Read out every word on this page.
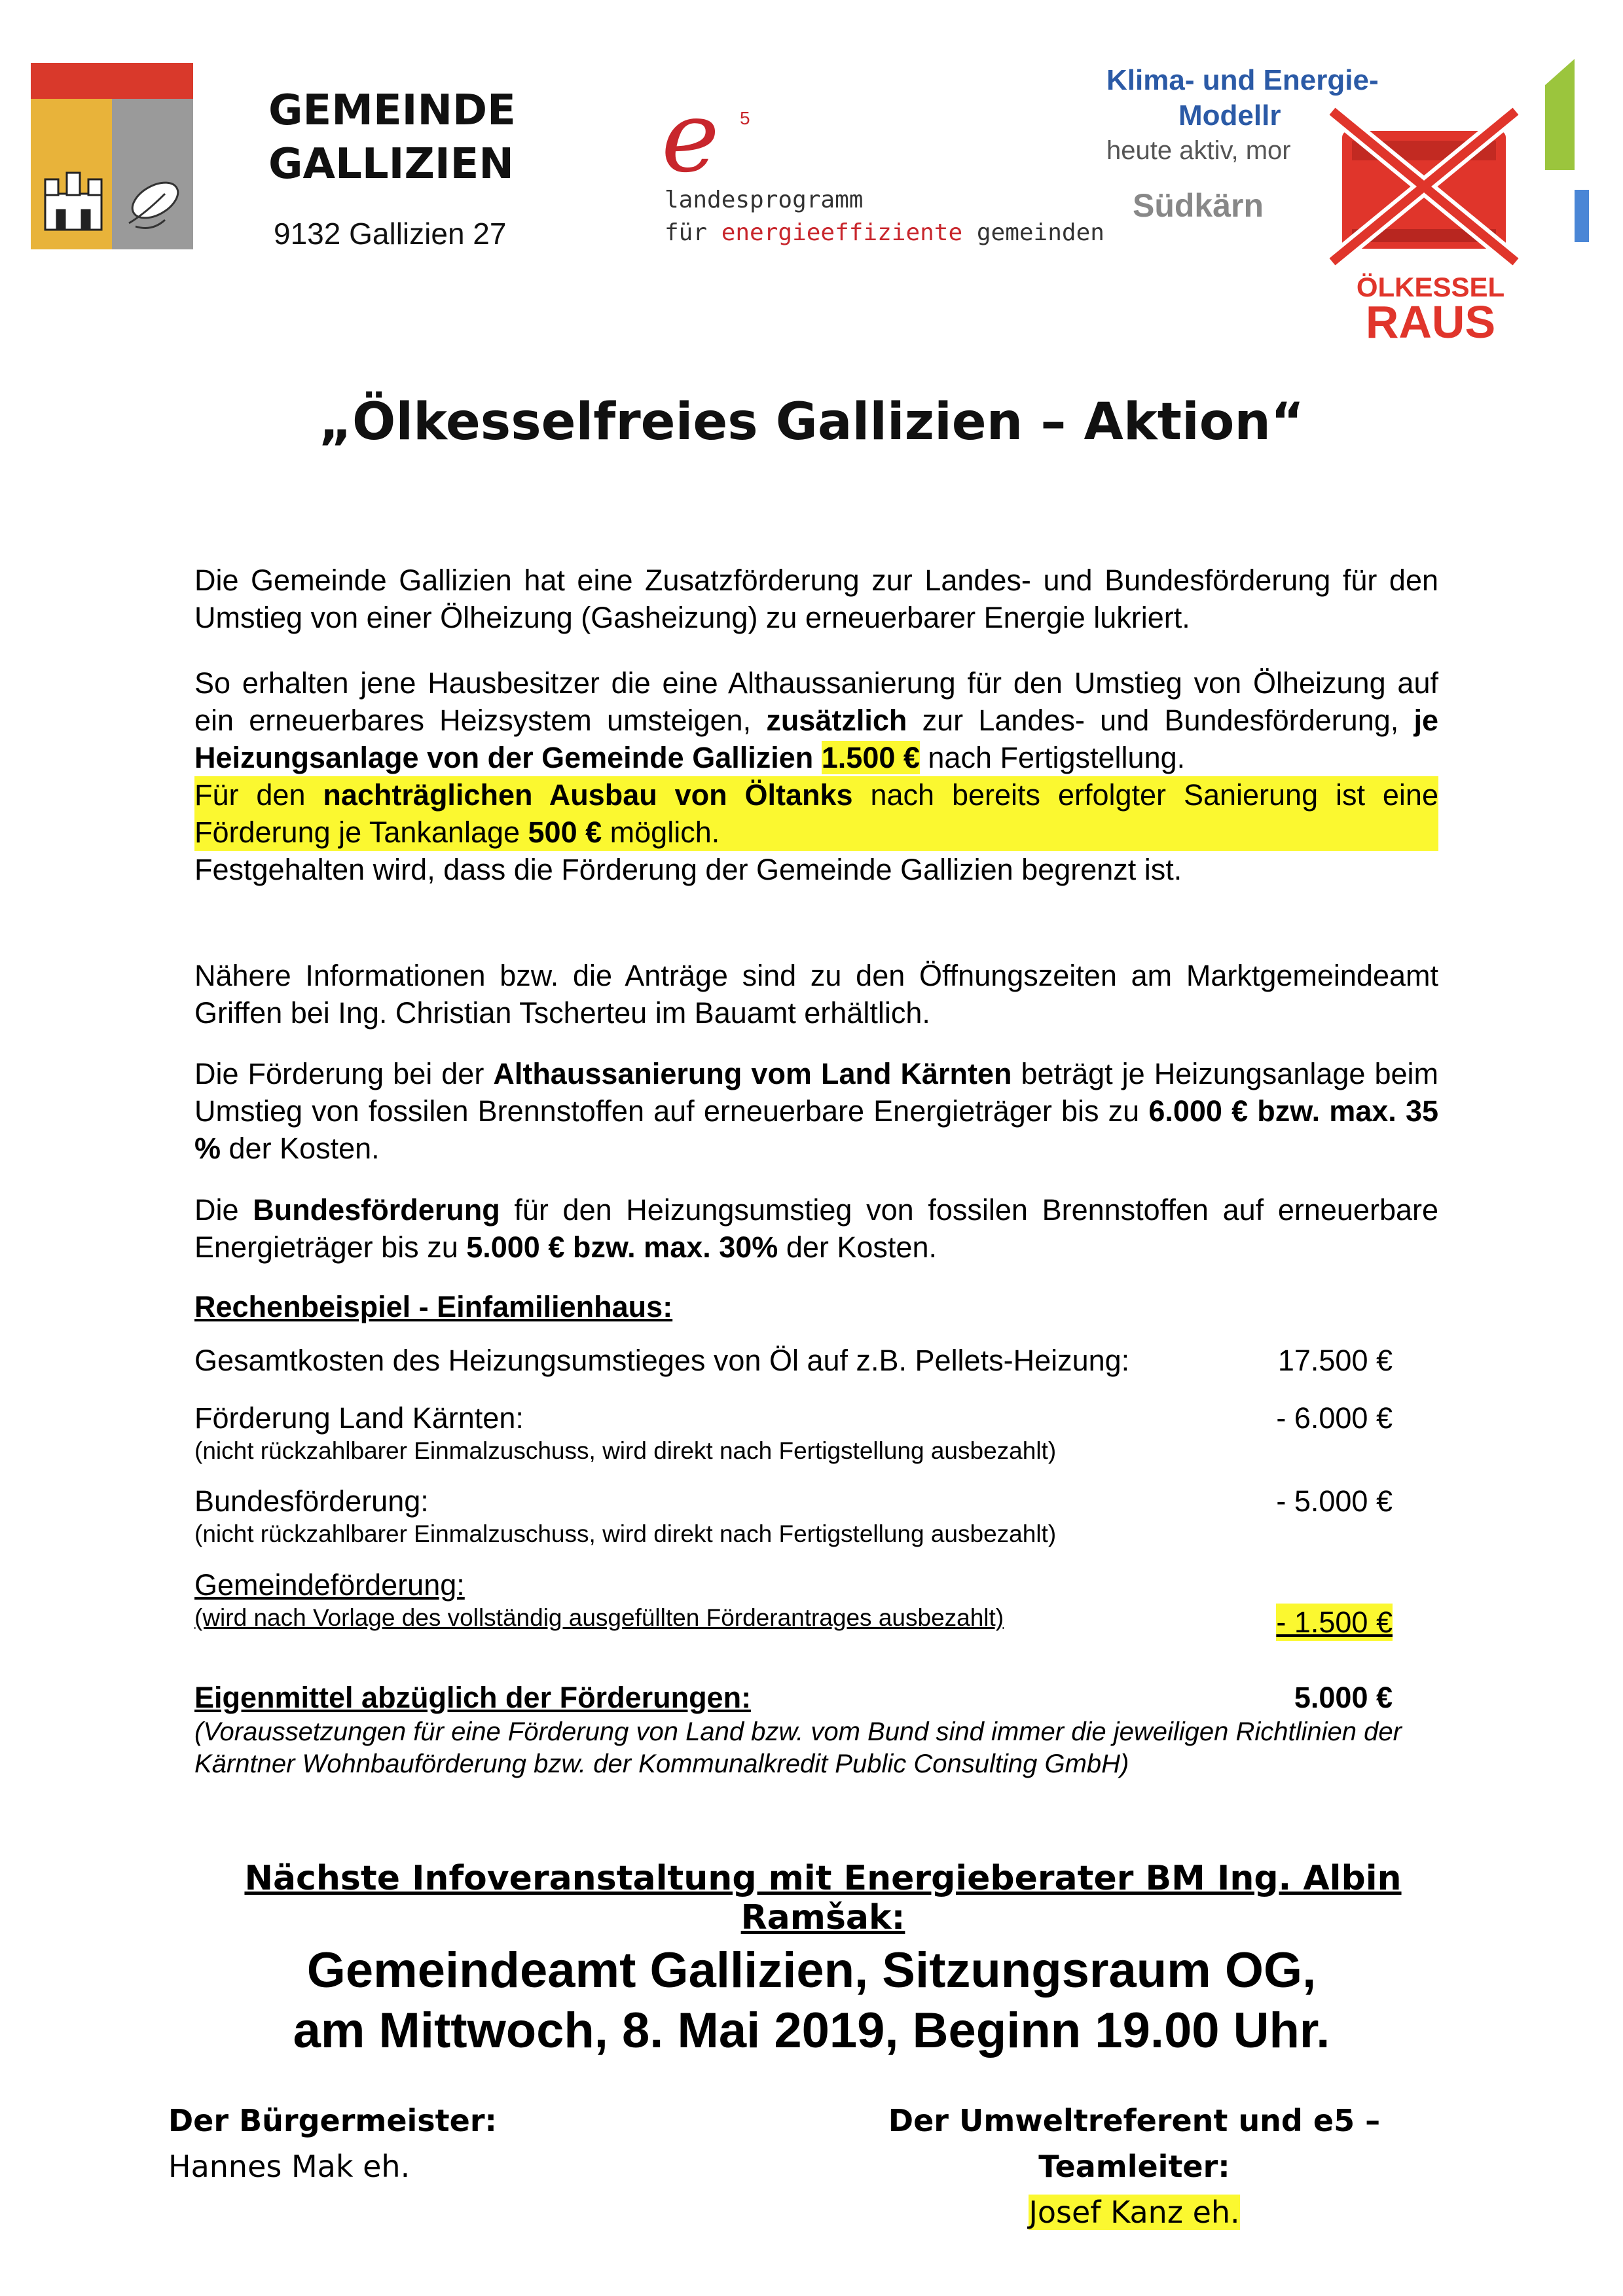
GEMEINDE
GALLIZIEN
9132 Gallizien 27
e 5
landesprogramm
für energieeffiziente gemeinden
Klima- und Energie-
Modellr
heute aktiv, mor
Südkärn
ÖLKESSEL
RAUS
„Ölkesselfreies Gallizien – Aktion“

Die Gemeinde Gallizien hat eine Zusatzförderung zur Landes- und Bundesförderung für den Umstieg von einer Ölheizung (Gasheizung) zu erneuerbarer Energie lukriert.

So erhalten jene Hausbesitzer die eine Althaussanierung für den Umstieg von Ölheizung auf ein erneuerbares Heizsystem umsteigen, zusätzlich zur Landes- und Bundesförderung, je Heizungsanlage von der Gemeinde Gallizien 1.500 € nach Fertigstellung.

Für den nachträglichen Ausbau von Öltanks nach bereits erfolgter Sanierung ist eine Förderung je Tankanlage 500 € möglich.

Festgehalten wird, dass die Förderung der Gemeinde Gallizien begrenzt ist.

Nähere Informationen bzw. die Anträge sind zu den Öffnungszeiten am Marktgemeindeamt Griffen bei Ing. Christian Tscherteu im Bauamt erhältlich.

Die Förderung bei der Althaussanierung vom Land Kärnten beträgt je Heizungsanlage beim Umstieg von fossilen Brennstoffen auf erneuerbare Energieträger bis zu 6.000 € bzw. max. 35 % der Kosten.

Die Bundesförderung für den Heizungsumstieg von fossilen Brennstoffen auf erneuerbare Energieträger bis zu 5.000 € bzw. max. 30% der Kosten.

Rechenbeispiel - Einfamilienhaus:
Gesamtkosten des Heizungsumstieges von Öl auf z.B. Pellets-Heizung:	17.500 €
Förderung Land Kärnten:
(nicht rückzahlbarer Einmalzuschuss, wird direkt nach Fertigstellung ausbezahlt)
- 6.000 €
Bundesförderung:
(nicht rückzahlbarer Einmalzuschuss, wird direkt nach Fertigstellung ausbezahlt)
- 5.000 €
Gemeindeförderung:
(wird nach Vorlage des vollständig ausgefüllten Förderantrages ausbezahlt)	- 1.500 €
Eigenmittel abzüglich der Förderungen:	5.000 €
(Voraussetzungen für eine Förderung von Land bzw. vom Bund sind immer die jeweiligen Richtlinien der Kärntner Wohnbauförderung bzw. der Kommunalkredit Public Consulting GmbH)
Nächste Infoveranstaltung mit Energieberater BM Ing. Albin Ramšak:
Gemeindeamt Gallizien, Sitzungsraum OG,
am Mittwoch, 8. Mai 2019, Beginn 19.00 Uhr.
Der Bürgermeister:
Hannes Mak eh.
Der Umweltreferent und e5 – Teamleiter:
Josef Kanz eh.
